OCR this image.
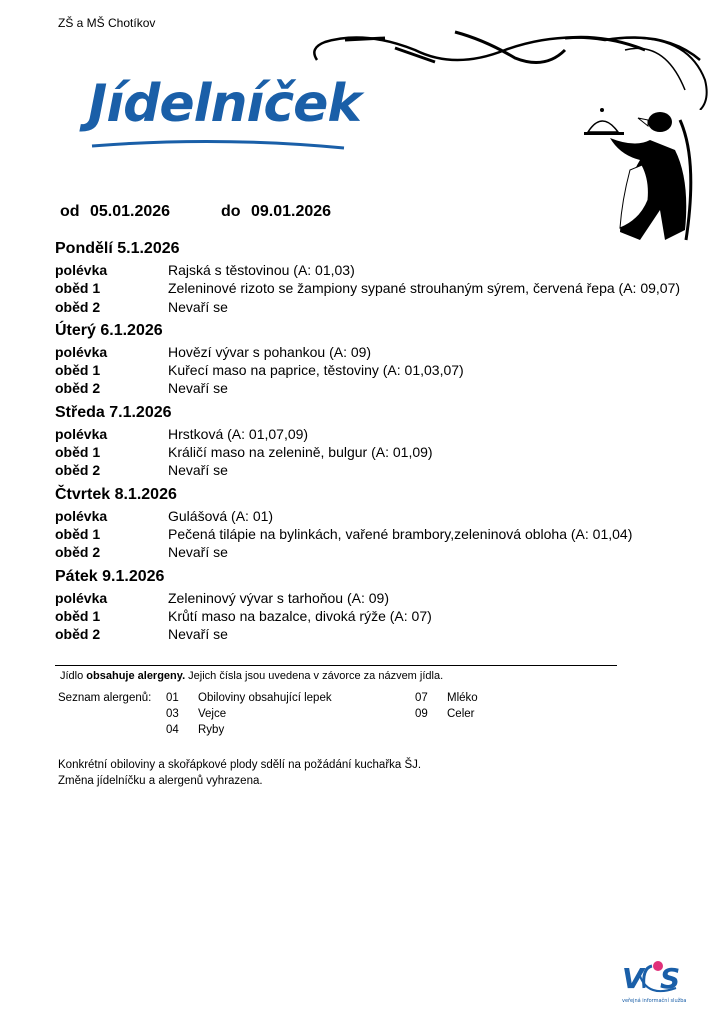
ZŠ a MŠ Chotíkov
Jídelníček
od 05.01.2026	do 09.01.2026
Pondělí 5.1.2026
polévka	Rajská s těstovinou (A: 01,03)
oběd 1	Zeleninové rizoto se žampiony sypané strouhaným sýrem, červená řepa (A: 09,07)
oběd 2	Nevaří se
Úterý 6.1.2026
polévka	Hovězí vývar s pohankou (A: 09)
oběd 1	Kuřecí maso na paprice, těstoviny (A: 01,03,07)
oběd 2	Nevaří se
Středa 7.1.2026
polévka	Hrstková (A: 01,07,09)
oběd 1	Králičí maso na zelenině, bulgur (A: 01,09)
oběd 2	Nevaří se
Čtvrtek 8.1.2026
polévka	Gulášová (A: 01)
oběd 1	Pečená tilápie na bylinkách, vařené brambory,zeleninová obloha (A: 01,04)
oběd 2	Nevaří se
Pátek 9.1.2026
polévka	Zeleninový vývar s tarhoňou (A: 09)
oběd 1	Krůtí maso na bazalce, divoká rýže (A: 07)
oběd 2	Nevaří se
Jídlo obsahuje alergeny. Jejich čísla jsou uvedena v závorce za názvem jídla.
Seznam alergenů: 01 Obiloviny obsahující lepek
03 Vejce
04 Ryby
07 Mléko
09 Celer
Konkrétní obiloviny a skořápkové plody sdělí na požádání kuchařka ŠJ.
Změna jídelníčku a alergenů vyhrazena.
V S
veřejná informační služba
